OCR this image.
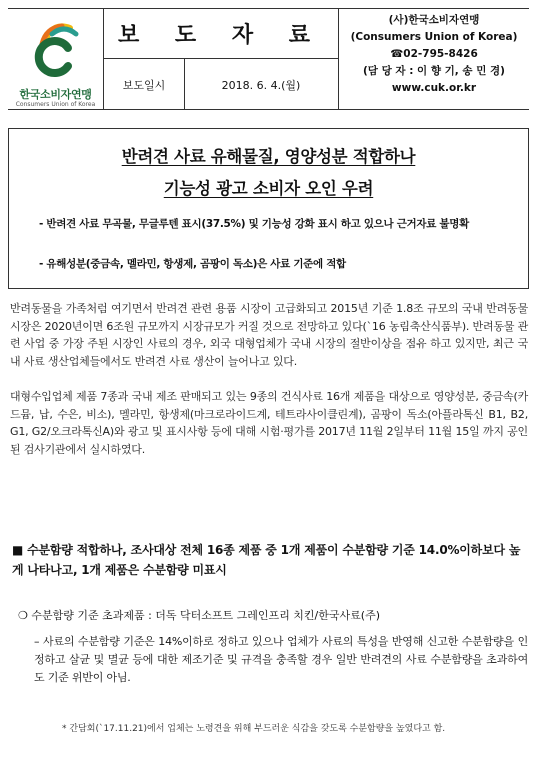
한국소비자연맹
Consumers Union of Korea
보 도 자 료
보도일시	2018. 6. 4.(월)
(사)한국소비자연맹
(Consumers Union of Korea)
☎02-795-8426
(담 당 자 : 이 향 기, 송 민 경)
www.cuk.or.kr
반려견 사료 유해물질, 영양성분 적합하나
기능성 광고 소비자 오인 우려
- 반려견 사료 무곡물, 무글루텐 표시(37.5%) 및 기능성 강화 표시 하고 있으나 근거자료 불명확
- 유해성분(중금속, 멜라민, 항생제, 곰팡이 독소)은 사료 기준에 적합
반려동물을 가족처럼 여기면서 반려견 관련 용품 시장이 고급화되고 2015년 기준 1.8조 규모의 국내 반려동물 시장은 2020년이면 6조원 규모까지 시장규모가 커질 것으로 전망하고 있다(`16 농림축산식품부). 반려동물 관련 사업 중 가장 주된 시장인 사료의 경우, 외국 대형업체가 국내 시장의 절반이상을 점유 하고 있지만, 최근 국내 사료 생산업체들에서도 반려견 사료 생산이 늘어나고 있다.
대형수입업체 제품 7종과 국내 제조 판매되고 있는 9종의 건식사료 16개 제품을 대상으로 영양성분, 중금속(카드뮴, 납, 수은, 비소), 멜라민, 항생제(마크로라이드계, 테트라사이클린계), 곰팡이 독소(아플라톡신 B1, B2, G1, G2/오크라톡신A)와 광고 및 표시사항 등에 대해 시험·평가를 2017년 11월 2일부터 11월 15일 까지 공인된 검사기관에서 실시하였다.
■ 수분함량 적합하나, 조사대상 전체 16종 제품 중 1개 제품이 수분함량 기준 14.0%이하보다 높게 나타나고, 1개 제품은 수분함량 미표시
❍ 수분함량 기준 초과제품 : 더독 닥터소프트 그레인프리 치킨/한국사료(주)
– 사료의 수분함량 기준은 14%이하로 정하고 있으나 업체가 사료의 특성을 반영해 신고한 수분함량을 인정하고 살균 및 멸균 등에 대한 제조기준 및 규격을 충족할 경우 일반 반려견의 사료 수분함량을 초과하여도 기준 위반이 아님.
* 간담회(`17.11.21)에서 업체는 노령견을 위해 부드러운 식감을 갖도록 수분함량을 높였다고 함.
